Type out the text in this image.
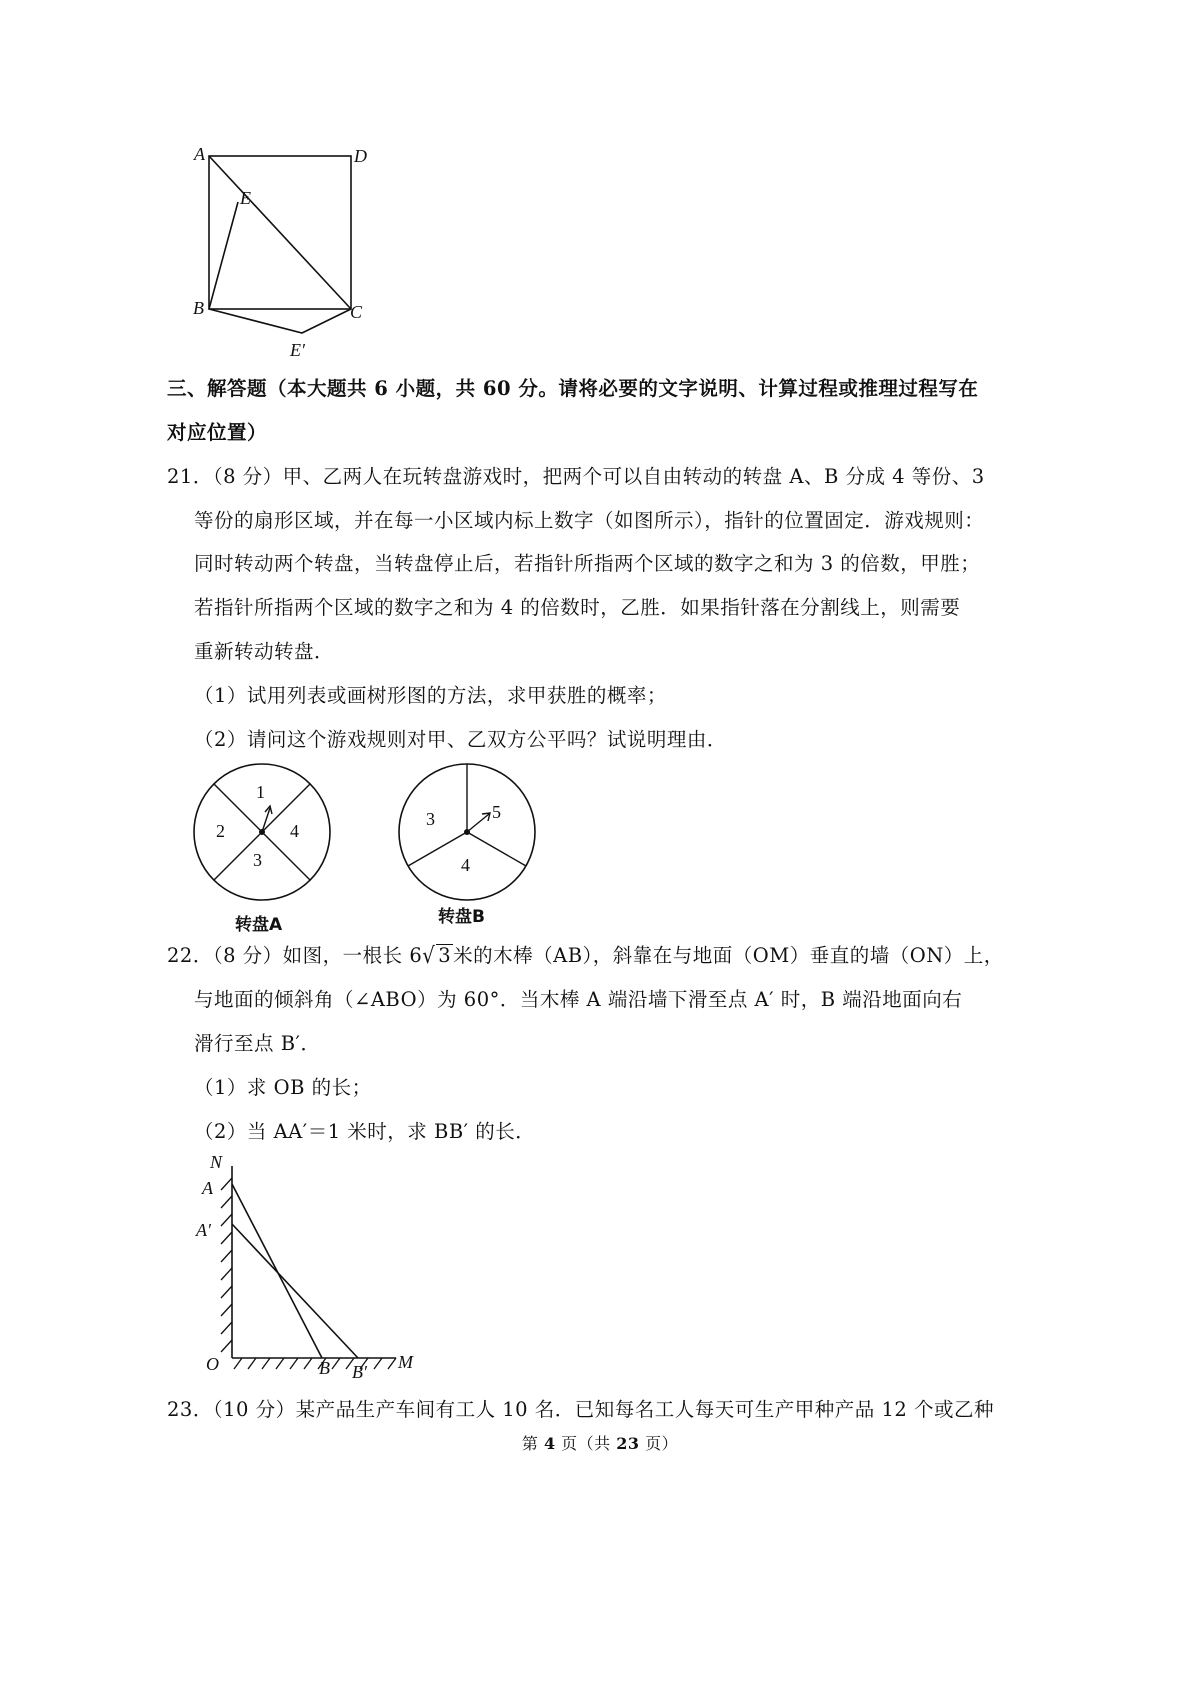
A	D
E
B	C
E′
三、解答题（本大题共 6 小题，共 60 分。请将必要的文字说明、计算过程或推理过程写在
对应位置）
21．（8 分）甲、乙两人在玩转盘游戏时，把两个可以自由转动的转盘 A、B 分成 4 等份、3
等份的扇形区域，并在每一小区域内标上数字（如图所示），指针的位置固定．游戏规则：
同时转动两个转盘，当转盘停止后，若指针所指两个区域的数字之和为 3 的倍数，甲胜；
若指针所指两个区域的数字之和为 4 的倍数时，乙胜．如果指针落在分割线上，则需要
重新转动转盘．
（1）试用列表或画树形图的方法，求甲获胜的概率；
（2）请问这个游戏规则对甲、乙双方公平吗？试说明理由．
1
2	4
3
转盘A
3	5
4
转盘B
22．（8 分）如图，一根长 6√ 3 米的木棒（AB），斜靠在与地面（OM）垂直的墙（ON）上，
与地面的倾斜角（∠ABO）为 60°．当木棒 A 端沿墙下滑至点 A′ 时，B 端沿地面向右
滑行至点 B′．
（1）求 OB 的长；
（2）当 AA′＝1 米时，求 BB′ 的长．
N
A
A′
O	B B′ M
23．（10 分）某产品生产车间有工人 10 名．已知每名工人每天可生产甲种产品 12 个或乙种
第 4 页（共 23 页）
